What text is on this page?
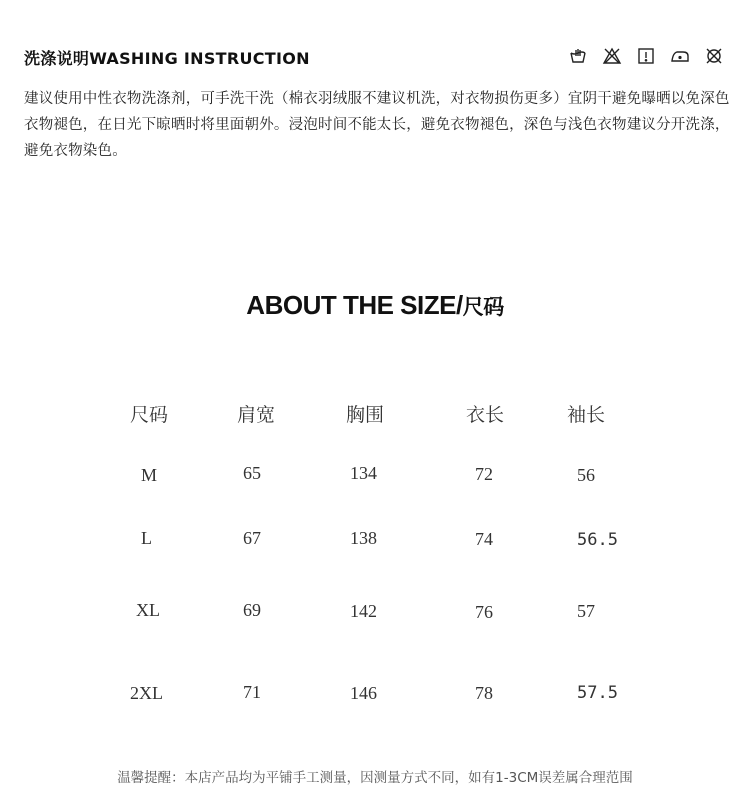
洗涤说明WASHING INSTRUCTION
建议使用中性衣物洗涤剂，可手洗干洗（棉衣羽绒服不建议机洗，对衣物损伤更多）宜阴干避免曝晒以免深色衣物褪色，在日光下晾晒时将里面朝外。浸泡时间不能太长，避免衣物褪色，深色与浅色衣物建议分开洗涤，避免衣物染色。
ABOUT THE SIZE/尺码
尺码	肩宽	胸围	衣长	袖长
M	65	134	72	56
L	67	138	74	56.5
XL	69	142	76	57
2XL	71	146	78	57.5
温馨提醒：本店产品均为平铺手工测量，因测量方式不同，如有1-3CM误差属合理范围
